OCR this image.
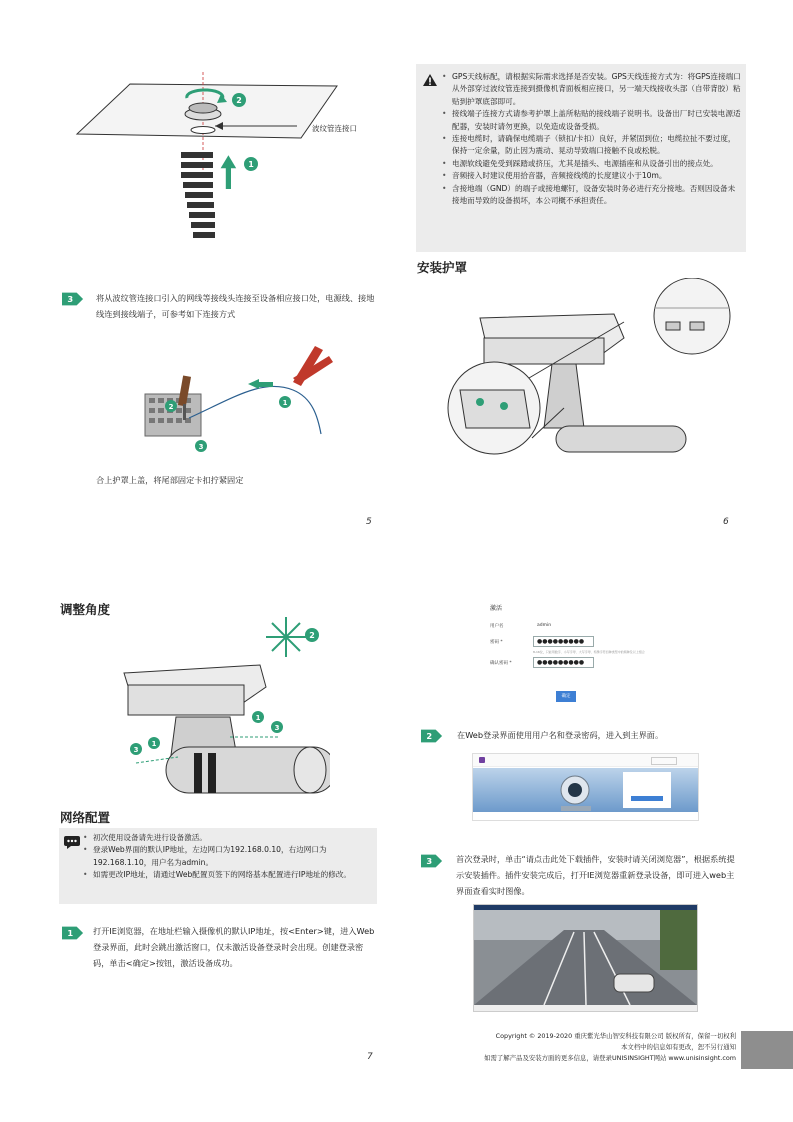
2
1
波纹管连接口
3	将从波纹管连接口引入的网线等接线头连接至设备相应接口处，电源线、接地线连到接线端子，可参考如下连接方式
1
2
3
合上护罩上盖，将尾部固定卡扣拧紧固定
5
• GPS天线标配，请根据实际需求选择是否安装。GPS天线连接方式为：将GPS连接端口从外部穿过波纹管连接到摄像机背面板相应接口，另一端天线接收头部（自带背胶）粘贴到护罩底部即可。
• 接线端子连接方式请参考护罩上盖所粘贴的接线端子说明书。设备出厂时已安装电源适配器，安装时请勿更换，以免造成设备受损。
• 连接电缆时，请确保电缆端子（锁扣/卡扣）良好，并紧固到位；电缆拉扯不要过度，保持一定余量，防止因为震动、晃动导致端口接触不良或松脱。
• 电源软线避免受到踩踏或挤压，尤其是插头、电源插座和从设备引出的接点处。
• 音频接入时建议使用拾音器，音频接线缆的长度建议小于10m。
• 含接地端（GND）的端子或接地螺钉，设备安装时务必进行充分接地。否则因设备未接地而导致的设备损坏，本公司概不承担责任。
安装护罩
6
调整角度
2
1
3
1
3
网络配置
• 初次使用设备请先进行设备激活。
• 登录Web界面的默认IP地址，左边网口为192.168.0.10，右边网口为192.168.1.10，用户名为admin。
• 如需更改IP地址，请通过Web配置页签下的网络基本配置进行IP地址的修改。
1 打开IE浏览器，在地址栏输入摄像机的默认IP地址，按<Enter>键，进入Web登录界面，此时会跳出激活窗口，仅未激活设备登录时会出现。创建登录密码，单击<确定>按钮，激活设备成功。
7
激活
用户名	admin
密码 *	●●●●●●●●●
8-16位，只能用数字、小写字母、大写字母、特殊字符四种类型中的两种及以上组合
确认密码 *	●●●●●●●●●
确定
2	在Web登录界面使用用户名和登录密码，进入到主界面。
3	首次登录时，单击“请点击此处下载插件，安装时请关闭浏览器”，根据系统提示安装插件。插件安装完成后，打开IE浏览器重新登录设备，即可进入web主界面查看实时图像。
Copyright © 2019-2020 重庆紫光华山智安科技有限公司 版权所有，保留一切权利
本文档中的信息如有更改，恕不另行通知
如需了解产品及安装方面的更多信息，请登录UNISINSIGHT网站 www.unisinsight.com
